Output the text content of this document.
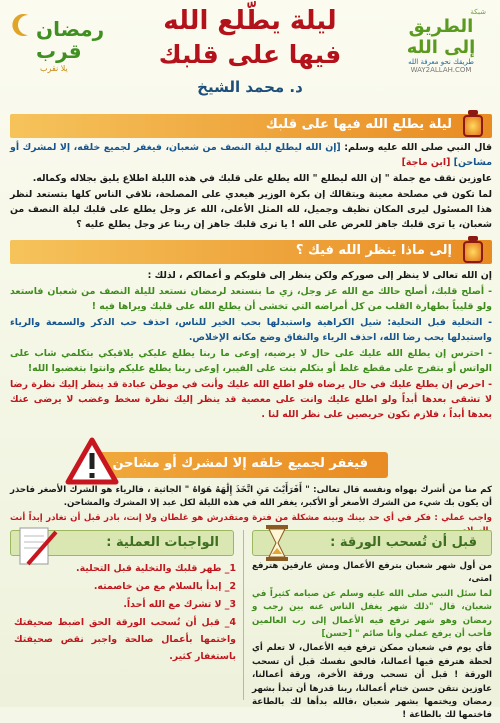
شبكة
الطريق إلى الله
طريقك نحو معرفة الله
WAY2ALLAH.COM
ليلة يطّلع الله
فيها على قلبك
د. محمد الشيخ
رمضان
قرب
يلا نقرب
ليلة يطلع الله فيها على قلبك

قال النبي صلى الله عليه وسلم: [إن الله ليطلع ليلة النصف من شعبان، فيغفر لجميع خلقه، إلا لمشرك أو مشاحن] [ابن ماجة]

عاوزين نقف مع جملة " إن الله ليطلع " الله يطلع على قلبك في هذه الليلة اطلاع يليق بجلاله وكماله.

لما تكون في مصلحة معينة ويتقالك إن بكرة الوزير هيعدي على المصلحة، تلاقي الناس كلها بتستعد لنظر هذا المسئول ليرى المكان نظيف وجميل، لله المثل الأعلى، الله عز وجل يطلع على قلبك ليلة النصف من شعبان، يا ترى قلبك جاهز للعرض على الله ! يا ترى قلبك جاهز إن ربنا عز وجل يطلع عليه ؟

إلى ماذا ينظر الله فيك ؟

إن الله تعالى لا ينظر إلى صوركم ولكن ينظر إلى قلوبكم و أعمالكم ، لذلك :

- أصلح قلبك، أصلح حالك مع الله عز وجل، زي ما بنستعد لرمضان نستعد لليلة النصف من شعبان فاستعد ولو قليباً بطهارة القلب من كل أمراضه التي تخشى أن يطلع الله على قلبك ويراها فيه !

- التخلية قبل التحلية: شيل الكراهية واستبدلها بحب الخير للناس، احذف حب الذكر والسمعة والرياء واستبدلها بحب رضا الله، احذف الرياء والنفاق وضع مكانه الإخلاص.

- احترس إن يطلع الله عليك على حال لا يرضيه، إوعى ما ربنا يطلع عليكي يلاقيكي بتكلمي شاب على الواتس أو بتفرج على مقطع غلط أو بتكلم بنت على الفيبر، إوعى ربنا يطلع عليكم وانتوا بتغضبوا الله!

- احرص إن يطلع عليك في حال يرضاه فلو اطلع الله عليك وأنت في موطن عبادة قد ينظر إليك نظرة رضا لا تشقى بعدها أبداً ولو اطلع عليك وانت على معصية قد ينظر إليك نظرة سخط وغضب لا يرضى عنك بعدها أبداً ، فلازم نكون حريصين على نظر الله لنا .

فيغفر لجميع خلقه إلا لمشرك أو مشاحن

كم منا من أشرك بهواه ونفسه قال تعالى: " أَفَرَأَيْتَ مَنِ اتَّخَذَ إِلَٰهَهُ هَوَاهُ " الجاثية ، فالرياء هو الشرك الأصغر فاحذر أن يكون بك شيء من الشرك الأصغر أو الأكبر، يغفر الله في هذه الليلة لكل عبد إلا المشرك والمشاحن.

واجب عملي : فكر في أي حد بينك وبينه مشكلة من فترة ومتقدرش هو غلطان ولا إنت، بادر قبل أن تغادر إبداً أنت
الواجبات العملية :

1_ طهر قلبك والتخلية قبل التحلية.

2_ إبدأ بالسلام مع من خاصمته.

3_ لا تشرك مع الله أحداً.

4_ قبل أن تُسحب الورقة الحق اضبط صحيفتك واختمها بأعمال صالحة واجبر نقص صحيفتك باستغفار كثير.

قبل أن تُسحب الورقة :

من أول شهر شعبان بترفع الأعمال ومش عارفين هترفع امتى،

لما سئل النبي صلى الله عليه وسلم عن صيامه كثيراً في شعبان، قال "ذلك شهر يغفل الناس عنه بين رجب و رمضان وهو شهر ترفع فيه الأعمال إلى رب العالمين فأحب أن يرفع عملي وأنا صائم " [حسن]

فأي يوم في شعبان ممكن ترفع فيه الأعمال، لا تعلم أي لحظة هترفع فيها أعمالنا، فالحق نفسك قبل أن تسحب الورقة ! قبل أن تسحب ورقة الأخرة، ورقة أعمالنا، عاوزين نتقن حسن ختام أعمالنا، ربنا قدرها أن تبدأ بشهر رمضان ويختمها بشهر شعبان ،فالله بدأها لك بالطاعة فاختمها لك بالطاعة !
